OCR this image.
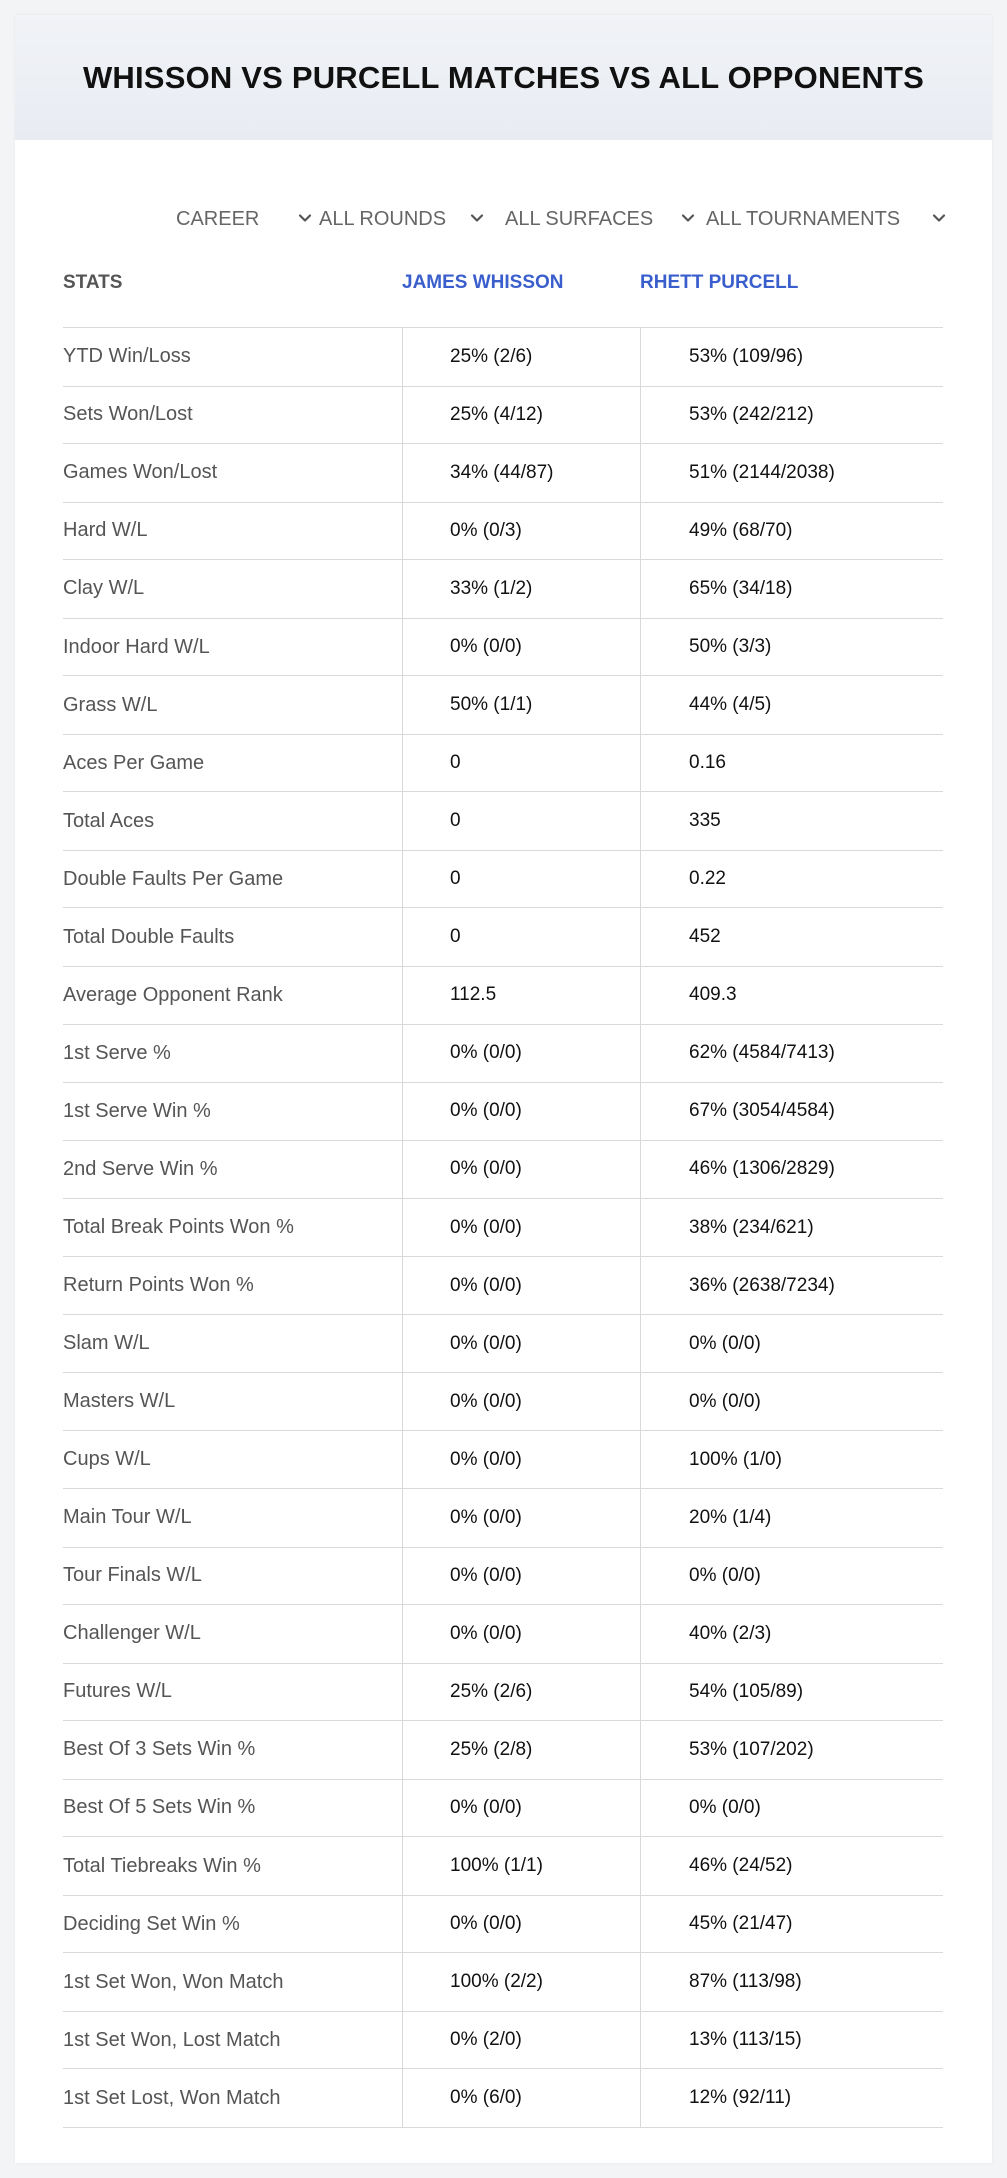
WHISSON VS PURCELL MATCHES VS ALL OPPONENTS
CAREER	ALL ROUNDS	ALL SURFACES	ALL TOURNAMENTS
STATS	JAMES WHISSON	RHETT PURCELL
YTD Win/Loss	25% (2/6)	53% (109/96)
Sets Won/Lost	25% (4/12)	53% (242/212)
Games Won/Lost	34% (44/87)	51% (2144/2038)
Hard W/L	0% (0/3)	49% (68/70)
Clay W/L	33% (1/2)	65% (34/18)
Indoor Hard W/L	0% (0/0)	50% (3/3)
Grass W/L	50% (1/1)	44% (4/5)
Aces Per Game	0	0.16
Total Aces	0	335
Double Faults Per Game	0	0.22
Total Double Faults	0	452
Average Opponent Rank	112.5	409.3
1st Serve %	0% (0/0)	62% (4584/7413)
1st Serve Win %	0% (0/0)	67% (3054/4584)
2nd Serve Win %	0% (0/0)	46% (1306/2829)
Total Break Points Won %	0% (0/0)	38% (234/621)
Return Points Won %	0% (0/0)	36% (2638/7234)
Slam W/L	0% (0/0)	0% (0/0)
Masters W/L	0% (0/0)	0% (0/0)
Cups W/L	0% (0/0)	100% (1/0)
Main Tour W/L	0% (0/0)	20% (1/4)
Tour Finals W/L	0% (0/0)	0% (0/0)
Challenger W/L	0% (0/0)	40% (2/3)
Futures W/L	25% (2/6)	54% (105/89)
Best Of 3 Sets Win %	25% (2/8)	53% (107/202)
Best Of 5 Sets Win %	0% (0/0)	0% (0/0)
Total Tiebreaks Win %	100% (1/1)	46% (24/52)
Deciding Set Win %	0% (0/0)	45% (21/47)
1st Set Won, Won Match	100% (2/2)	87% (113/98)
1st Set Won, Lost Match	0% (2/0)	13% (113/15)
1st Set Lost, Won Match	0% (6/0)	12% (92/11)
